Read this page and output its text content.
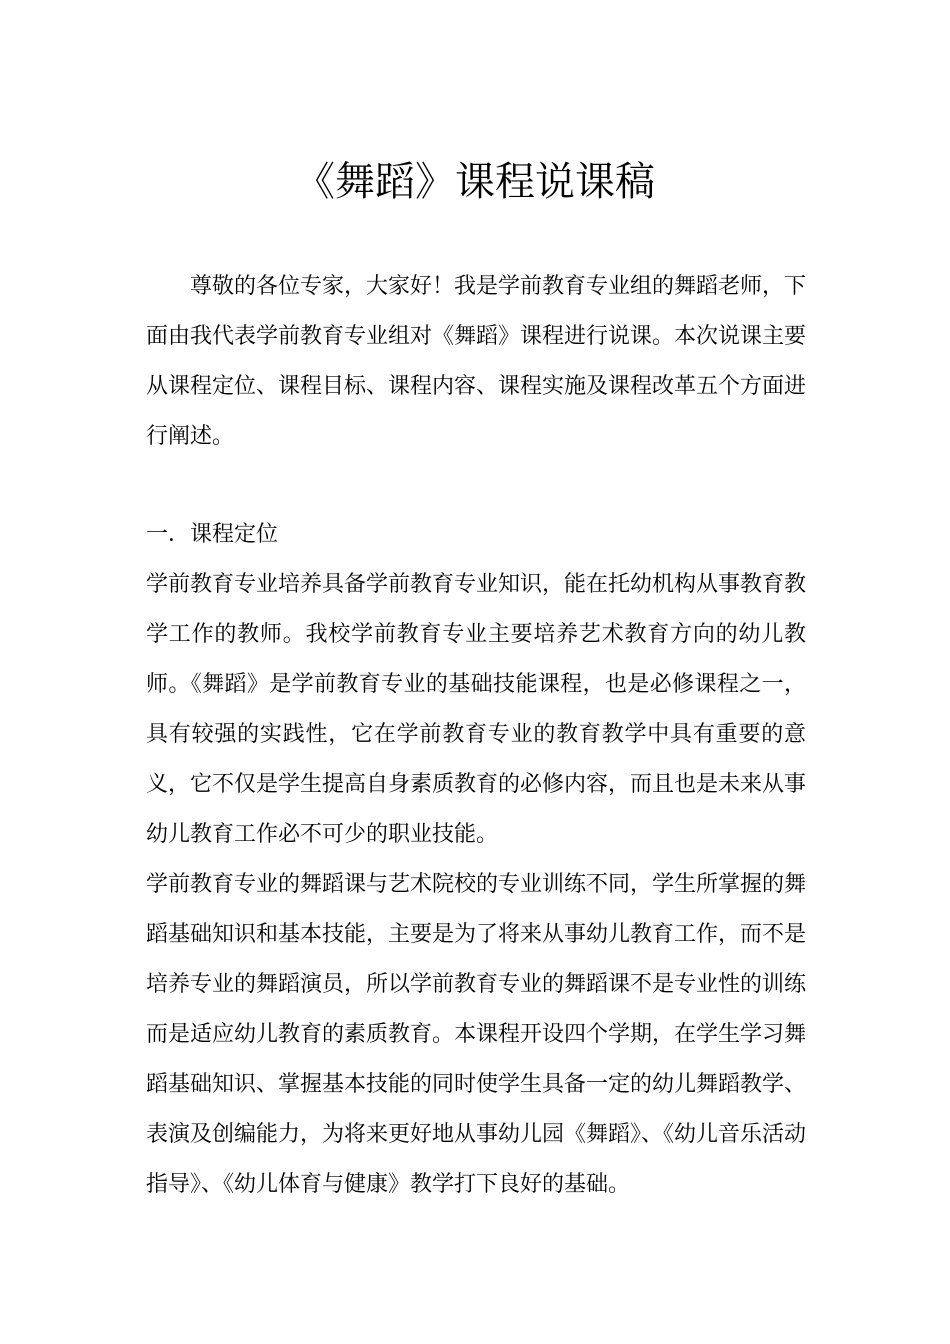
《舞蹈》课程说课稿

尊敬的各位专家，大家好！我是学前教育专业组的舞蹈老师，下面由我代表学前教育专业组对《舞蹈》课程进行说课。本次说课主要从课程定位、课程目标、课程内容、课程实施及课程改革五个方面进行阐述。

一．课程定位

学前教育专业培养具备学前教育专业知识，能在托幼机构从事教育教学工作的教师。我校学前教育专业主要培养艺术教育方向的幼儿教师。《舞蹈》是学前教育专业的基础技能课程，也是必修课程之一，具有较强的实践性，它在学前教育专业的教育教学中具有重要的意义，它不仅是学生提高自身素质教育的必修内容，而且也是未来从事幼儿教育工作必不可少的职业技能。

学前教育专业的舞蹈课与艺术院校的专业训练不同，学生所掌握的舞蹈基础知识和基本技能，主要是为了将来从事幼儿教育工作，而不是培养专业的舞蹈演员，所以学前教育专业的舞蹈课不是专业性的训练而是适应幼儿教育的素质教育。本课程开设四个学期，在学生学习舞蹈基础知识、掌握基本技能的同时使学生具备一定的幼儿舞蹈教学、表演及创编能力，为将来更好地从事幼儿园《舞蹈》、《幼儿音乐活动指导》、《幼儿体育与健康》教学打下良好的基础。
